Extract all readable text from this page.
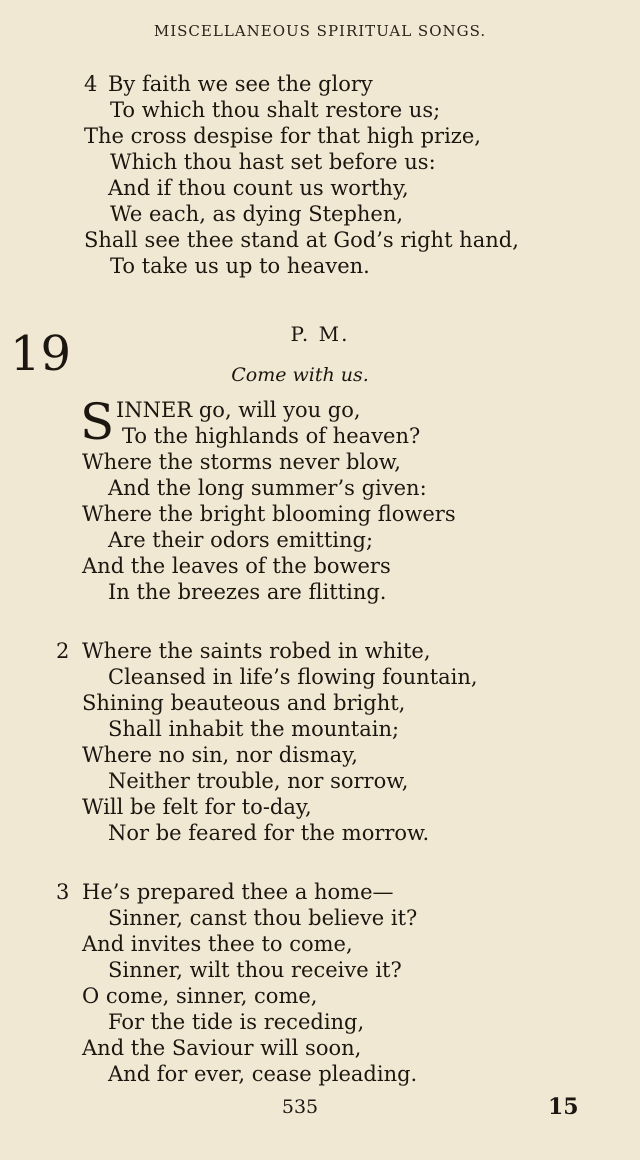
MISCELLANEOUS SPIRITUAL SONGS.
4 By faith we see the glory
To which thou shalt restore us;
The cross despise for that high prize,
Which thou hast set before us:
And if thou count us worthy,
We each, as dying Stephen,
Shall see thee stand at God’s right hand,
To take us up to heaven.
19	P. M.
Come with us.
S INNER go, will you go,
To the highlands of heaven?
Where the storms never blow,
And the long summer’s given:
Where the bright blooming flowers
Are their odors emitting;
And the leaves of the bowers
In the breezes are flitting.
2 Where the saints robed in white,
Cleansed in life’s flowing fountain,
Shining beauteous and bright,
Shall inhabit the mountain;
Where no sin, nor dismay,
Neither trouble, nor sorrow,
Will be felt for to-day,
Nor be feared for the morrow.
3 He’s prepared thee a home—
Sinner, canst thou believe it?
And invites thee to come,
Sinner, wilt thou receive it?
O come, sinner, come,
For the tide is receding,
And the Saviour will soon,
And for ever, cease pleading.
535	15
